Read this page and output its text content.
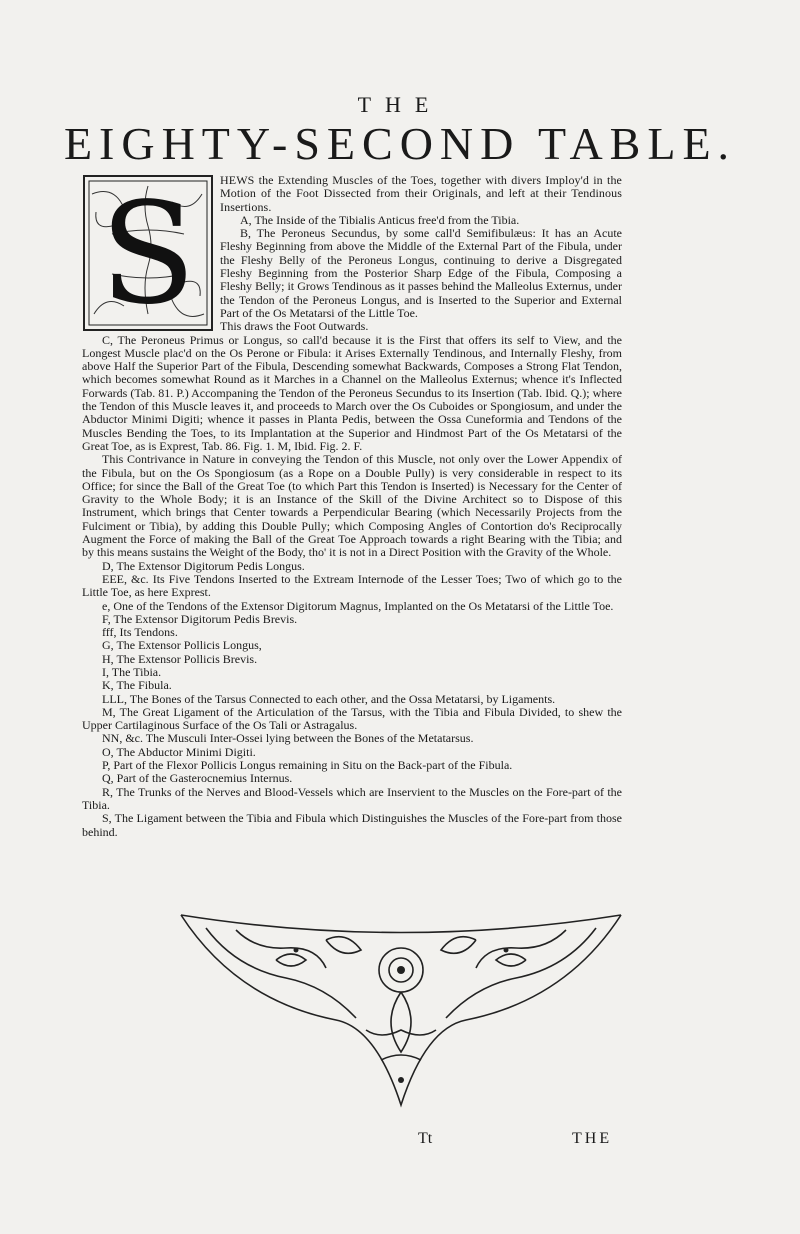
THE
EIGHTY-SECOND TABLE.
S	HEWS the Extending Muscles of the Toes, together with divers Imploy'd in the Motion of the Foot Dissected from their Originals, and left at their Tendinous Insertions.

A, The Inside of the Tibialis Anticus free'd from the Tibia.

B, The Peroneus Secundus, by some call'd Semifibulæus: It has an Acute Fleshy Beginning from above the Middle of the External Part of the Fibula, under the Fleshy Belly of the Peroneus Longus, continuing to derive a Disgregated Fleshy Beginning from the Posterior Sharp Edge of the Fibula, Composing a Fleshy Belly; it Grows Tendinous as it passes behind the Malleolus Externus, under the Tendon of the Peroneus Longus, and is Inserted to the Superior and External Part of the Os Metatarsi of the Little Toe.

This draws the Foot Outwards.

C, The Peroneus Primus or Longus, so call'd because it is the First that offers its self to View, and the Longest Muscle plac'd on the Os Perone or Fibula: it Arises Externally Tendinous, and Internally Fleshy, from above Half the Superior Part of the Fibula, Descending somewhat Backwards, Composes a Strong Flat Tendon, which becomes somewhat Round as it Marches in a Channel on the Malleolus Externus; whence it's Inflected Forwards (Tab. 81. P.) Accompaning the Tendon of the Peroneus Secundus to its Insertion (Tab. Ibid. Q.); where the Tendon of this Muscle leaves it, and proceeds to March over the Os Cuboides or Spongiosum, and under the Abductor Minimi Digiti; whence it passes in Planta Pedis, between the Ossa Cuneformia and Tendons of the Muscles Bending the Toes, to its Implantation at the Superior and Hindmost Part of the Os Metatarsi of the Great Toe, as is Exprest, Tab. 86. Fig. 1. M, Ibid. Fig. 2. F.

This Contrivance in Nature in conveying the Tendon of this Muscle, not only over the Lower Appendix of the Fibula, but on the Os Spongiosum (as a Rope on a Double Pully) is very considerable in respect to its Office; for since the Ball of the Great Toe (to which Part this Tendon is Inserted) is Necessary for the Center of Gravity to the Whole Body; it is an Instance of the Skill of the Divine Architect so to Dispose of this Instrument, which brings that Center towards a Perpendicular Bearing (which Necessarily Projects from the Fulciment or Tibia), by adding this Double Pully; which Composing Angles of Contortion do's Reciprocally Augment the Force of making the Ball of the Great Toe Approach towards a right Bearing with the Tibia; and by this means sustains the Weight of the Body, tho' it is not in a Direct Position with the Gravity of the Whole.

D, The Extensor Digitorum Pedis Longus.

EEE, &c. Its Five Tendons Inserted to the Extream Internode of the Lesser Toes; Two of which go to the Little Toe, as here Exprest.

e, One of the Tendons of the Extensor Digitorum Magnus, Implanted on the Os Metatarsi of the Little Toe.

F, The Extensor Digitorum Pedis Brevis.

fff, Its Tendons.

G, The Extensor Pollicis Longus,

H, The Extensor Pollicis Brevis.

I, The Tibia.

K, The Fibula.

LLL, The Bones of the Tarsus Connected to each other, and the Ossa Metatarsi, by Ligaments.

M, The Great Ligament of the Articulation of the Tarsus, with the Tibia and Fibula Divided, to shew the Upper Cartilaginous Surface of the Os Tali or Astragalus.

NN, &c. The Musculi Inter-Ossei lying between the Bones of the Metatarsus.

O, The Abductor Minimi Digiti.

P, Part of the Flexor Pollicis Longus remaining in Situ on the Back-part of the Fibula.

Q, Part of the Gasterocnemius Internus.

R, The Trunks of the Nerves and Blood-Vessels which are Inservient to the Muscles on the Fore-part of the Tibia.

S, The Ligament between the Tibia and Fibula which Distinguishes the Muscles of the Fore-part from those behind.

Tt	THE
